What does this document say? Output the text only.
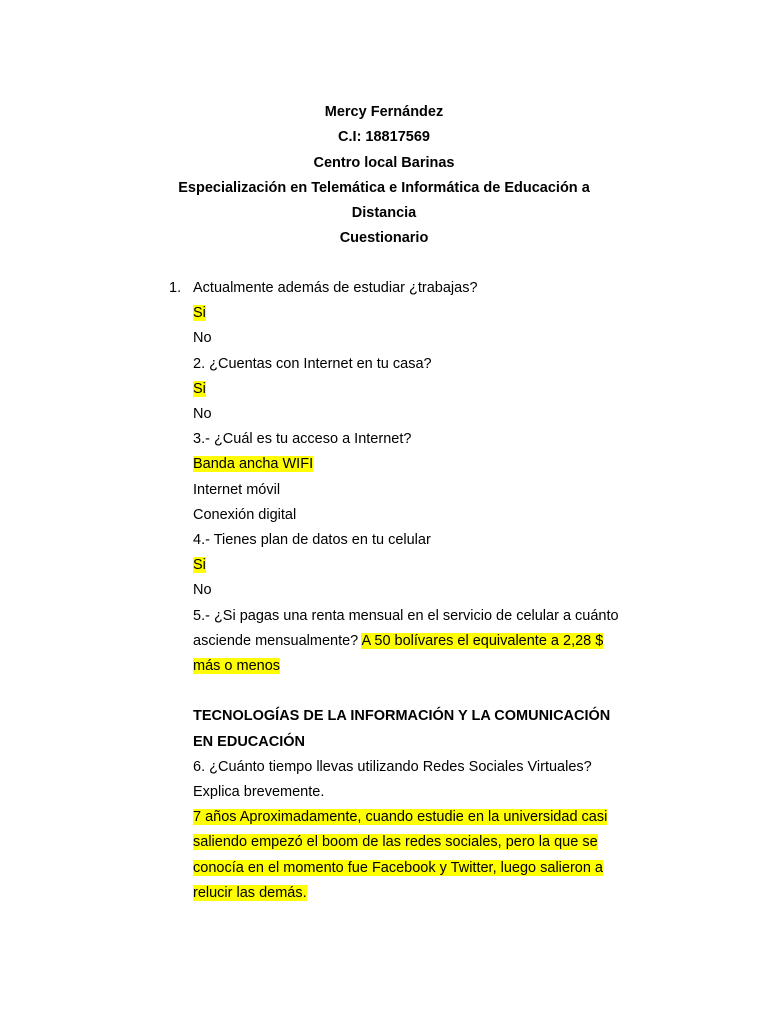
Mercy Fernández
C.I: 18817569
Centro local Barinas
Especialización en Telemática e Informática de Educación a
Distancia
Cuestionario
1. Actualmente además de estudiar ¿trabajas?
Si
No
2. ¿Cuentas con Internet en tu casa?
Si
No
3.- ¿Cuál es tu acceso a Internet?
Banda ancha WIFI
Internet móvil
Conexión digital
4.- Tienes plan de datos en tu celular
Si
No
5.- ¿Si pagas una renta mensual en el servicio de celular a cuánto
asciende mensualmente? A 50 bolívares el equivalente a 2,28 $
más o menos
TECNOLOGÍAS DE LA INFORMACIÓN Y LA COMUNICACIÓN
EN EDUCACIÓN
6. ¿Cuánto tiempo llevas utilizando Redes Sociales Virtuales?
Explica brevemente.
7 años Aproximadamente, cuando estudie en la universidad casi
saliendo empezó el boom de las redes sociales, pero la que se
conocía en el momento fue Facebook y Twitter, luego salieron a
relucir las demás.
